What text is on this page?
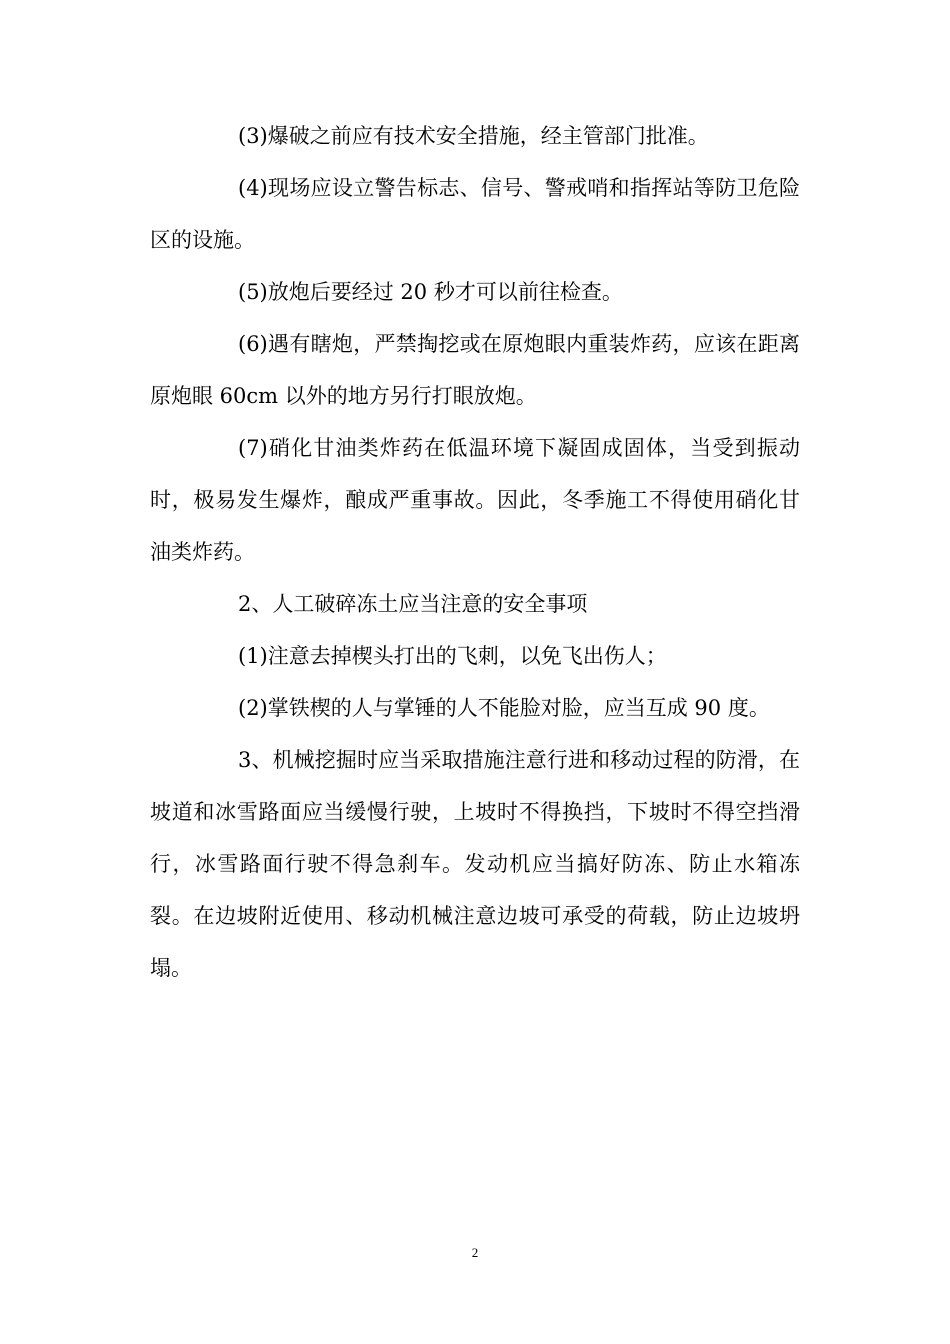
(3)爆破之前应有技术安全措施，经主管部门批准。

(4)现场应设立警告标志、信号、警戒哨和指挥站等防卫危险区的设施。

(5)放炮后要经过 20 秒才可以前往检查。

(6)遇有瞎炮，严禁掏挖或在原炮眼内重装炸药，应该在距离原炮眼 60cm 以外的地方另行打眼放炮。

(7)硝化甘油类炸药在低温环境下凝固成固体，当受到振动时，极易发生爆炸，酿成严重事故。因此，冬季施工不得使用硝化甘油类炸药。

2、人工破碎冻土应当注意的安全事项

(1)注意去掉楔头打出的飞刺，以免飞出伤人；

(2)掌铁楔的人与掌锤的人不能脸对脸，应当互成 90 度。

3、机械挖掘时应当采取措施注意行进和移动过程的防滑，在坡道和冰雪路面应当缓慢行驶，上坡时不得换挡，下坡时不得空挡滑行，冰雪路面行驶不得急刹车。发动机应当搞好防冻、防止水箱冻裂。在边坡附近使用、移动机械注意边坡可承受的荷载，防止边坡坍塌。

2
